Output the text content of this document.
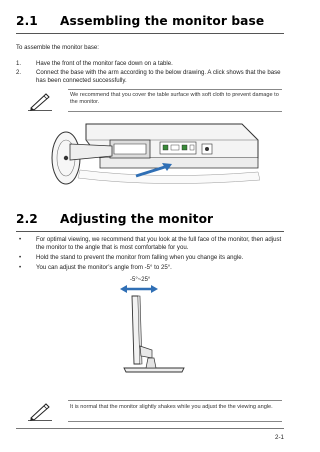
2.1 Assembling the monitor base
To assemble the monitor base:
1. Have the front of the monitor face down on a table.
2. Connect the base with the arm according to the below drawing. A click shows that the base has been connected successfully.
We recommend that you cover the table surface with soft cloth to prevent damage to the monitor.
2.2 Adjusting the monitor
• For optimal viewing, we recommend that you look at the full face of the monitor, then adjust the monitor to the angle that is most comfortable for you.
• Hold the stand to prevent the monitor from falling when you change its angle.
• You can adjust the monitor’s angle from -5° to 25°.
-5°~25°
It is normal that the monitor slightly shakes while you adjust the the viewing angle.
2-1
